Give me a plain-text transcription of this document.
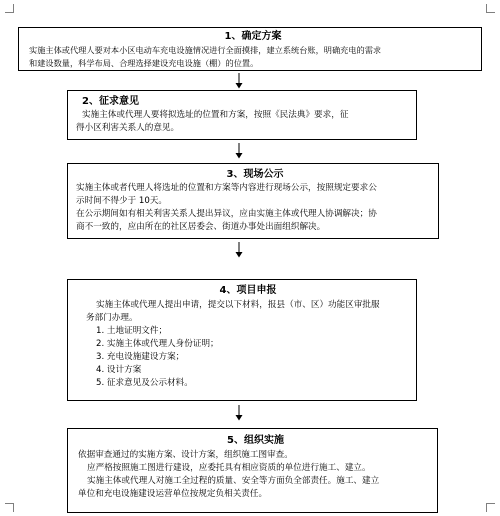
1、确定方案
实施主体或代理人要对本小区电动车充电设施情况进行全面摸排，建立系统台账，明确充电的需求
和建设数量，科学布局、合理选择建设充电设施（棚）的位置。
2、征求意见
实施主体或代理人要将拟选址的位置和方案，按照《民法典》要求，征
得小区利害关系人的意见。
3、现场公示
实施主体或者代理人将选址的位置和方案等内容进行现场公示，按照规定要求公
示时间不得少于 10天。
在公示期间如有相关利害关系人提出异议，应由实施主体或代理人协调解决；协
商不一致的，应由所在的社区居委会、街道办事处出面组织解决。
4、项目申报
实施主体或代理人提出申请，提交以下材料，报县（市、区）功能区审批服
务部门办理。
1. 土地证明文件；
2. 实施主体或代理人身份证明；
3. 充电设施建设方案；
4. 设计方案
5. 征求意见及公示材料。
5、组织实施
依据审查通过的实施方案、设计方案，组织施工图审查。
应严格按照施工图进行建设，应委托具有相应资质的单位进行施工、建立。
实施主体或代理人对施工全过程的质量、安全等方面负全部责任。施工、建立
单位和充电设施建设运营单位按规定负相关责任。
